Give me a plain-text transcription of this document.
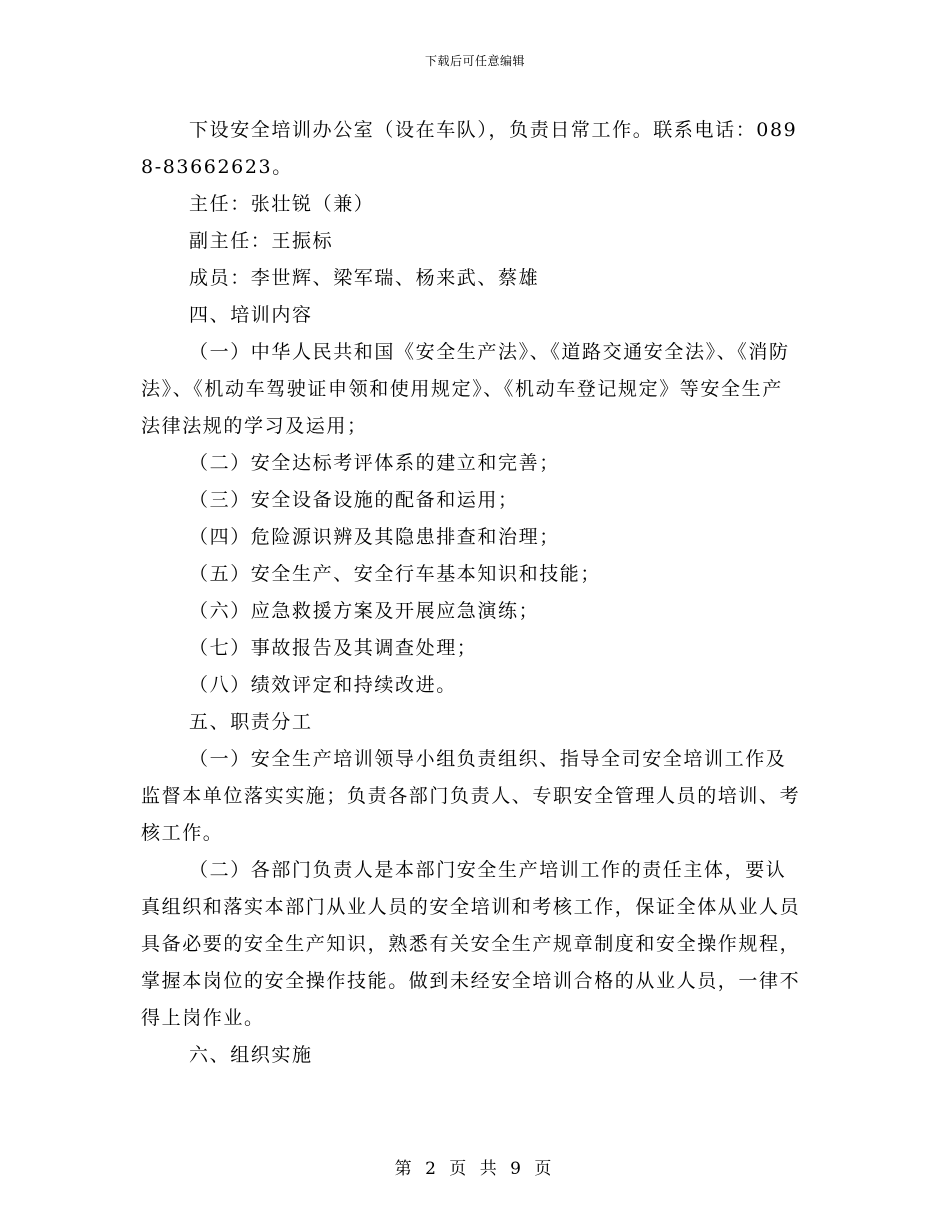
下载后可任意编辑

下设安全培训办公室（设在车队），负责日常工作。联系电话：0898-83662623。

主任：张壮锐（兼）

副主任：王振标

成员：李世辉、梁军瑞、杨来武、蔡雄

四、培训内容

（一）中华人民共和国《安全生产法》、《道路交通安全法》、《消防法》、《机动车驾驶证申领和使用规定》、《机动车登记规定》等安全生产法律法规的学习及运用；

（二）安全达标考评体系的建立和完善；

（三）安全设备设施的配备和运用；

（四）危险源识辨及其隐患排查和治理；

（五）安全生产、安全行车基本知识和技能；

（六）应急救援方案及开展应急演练；

（七）事故报告及其调查处理；

（八）绩效评定和持续改进。

五、职责分工

（一）安全生产培训领导小组负责组织、指导全司安全培训工作及监督本单位落实实施；负责各部门负责人、专职安全管理人员的培训、考核工作。

（二）各部门负责人是本部门安全生产培训工作的责任主体，要认真组织和落实本部门从业人员的安全培训和考核工作，保证全体从业人员具备必要的安全生产知识，熟悉有关安全生产规章制度和安全操作规程，掌握本岗位的安全操作技能。做到未经安全培训合格的从业人员，一律不得上岗作业。

六、组织实施

第 2 页 共 9 页
